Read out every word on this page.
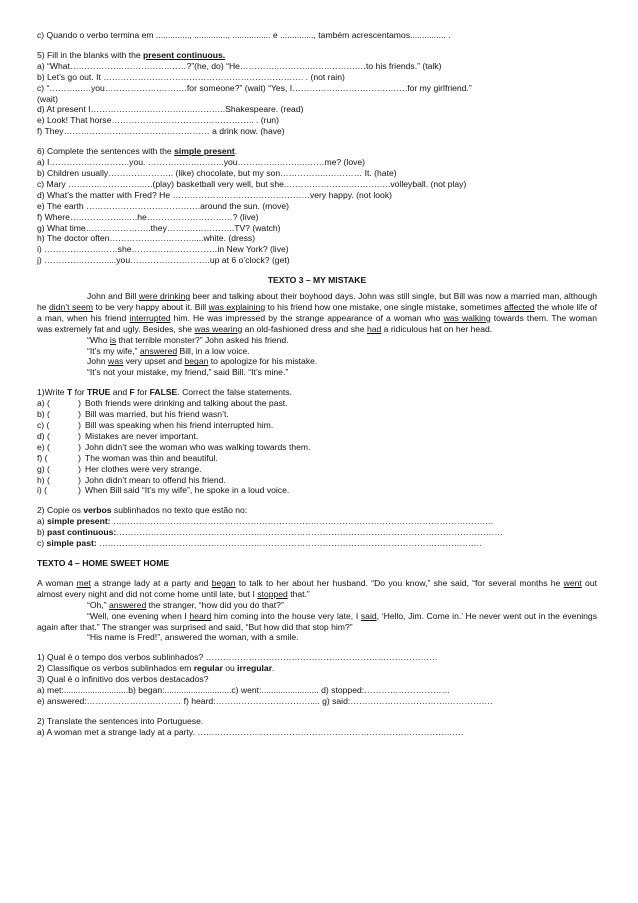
c) Quando o verbo termina em .............., .............., ................ e .............., também acrescentamos............... .
5) Fill in the blanks with the present continuous.
a) “What……………….…………….……?”(he, do) “He…………..………..…….……….…to his friends.” (talk)
b) Let’s go out. It ……………………………………………………………. . (not rain)
c) “………..….you……………….…….…for someone?” (wait) “Yes, I……………..……….…….…….for my girlfriend.”
(wait)
d) At present I…………….….……………..………..Shakespeare. (read)
e) Look! That horse………………………………………….. . (run)
f) They…………………………………………… a drink now. (have)
6) Complete the sentences with the simple present.
a) I……………………….you. ……………….……..you…………..………..……me? (love)
b) Children usually………………….. (like) chocolate, but my son……………..………… It. (hate)
c) Mary ……………………..….(play) basketball very well, but she.…………………..……….….volleyball. (not play)
d) What’s the matter with Fred? He …………………………………………very happy. (not look)
e) The earth ………………………………….around the sun. (move)
f) Where………………..….he…………………………? (live)
g) What time…………………..they……….…………..TV? (watch)
h) The doctor often…………….….……….....white. (dress)
i) ………………..……she…………………………in New York? (live)
j) ………………….....you……………………….up at 6 o’clock? (get)
TEXTO 3 – MY MISTAKE
John and Bill were drinking beer and talking about their boyhood days. John was still single, but Bill was now a married man, although he didn’t seem to be very happy about it. Bill was explaining to his friend how one mistake, one single mistake, sometimes affected the whole life of a man, when his friend interrupted him. He was impressed by the strange appearance of a woman who was walking towards them. The woman was extremely fat and ugly. Besides, she was wearing an old-fashioned dress and she had a ridiculous hat on her head.
“Who is that terrible monster?” John asked his friend.
“It’s my wife,” answered Bill, in a low voice.
John was very upset and began to apologize for his mistake.
“It’s not your mistake, my friend,” said Bill. “It’s mine.”
1)Write T for TRUE and F for FALSE. Correct the false statements.
a) (	) Both friends were drinking and talking about the past.
b) (	) Bill was married, but his friend wasn’t.
c) (	) Bill was speaking when his friend interrupted him.
d) (	) Mistakes are never important.
e) (	) John didn’t see the woman who was walking towards them.
f) (	) The woman was thin and beautiful.
g) (	) Her clothes were very strange.
h) (	) John didn’t mean to offend his friend.
i) (	) When Bill said “It’s my wife”, he spoke in a loud voice.
2) Copie os verbos sublinhados no texto que estão no:
a) simple present: ………………………………………………………………………………………………………………….…
b) past continuous:………………………………………………………………………………………………………………………
c) simple past: ……………………………………………………………………………………………………….………….…
TEXTO 4 – HOME SWEET HOME
A woman met a strange lady at a party and began to talk to her about her husband. “Do you know,” she said, “for several months he went out almost every night and did not come home until late, but I stopped that.”
“Oh,” answered the stranger, “how did you do that?”
“Well, one evening when I heard him coming into the house very late, I said, ‘Hello, Jim. Come in.’ He never went out in the evenings again after that.” The stranger was surprised and said, “But how did that stop him?”
“His name is Fred!”, answered the woman, with a smile.
1) Qual é o tempo dos verbos sublinhados? ………………………………………………………………………
2) Classifique os verbos sublinhados em regular ou irregular.
3) Qual é o infinitivo dos verbos destacados?
a) met:...........................b) began:............................c) went:........................ d) stopped:…………………………
e) answered:…………………………… f) heard:…………………………….... g) said:…………………………….…………….
2) Translate the sentences into Portuguese.
a) A woman met a strange lady at a party. …………………………………………………………………………………
